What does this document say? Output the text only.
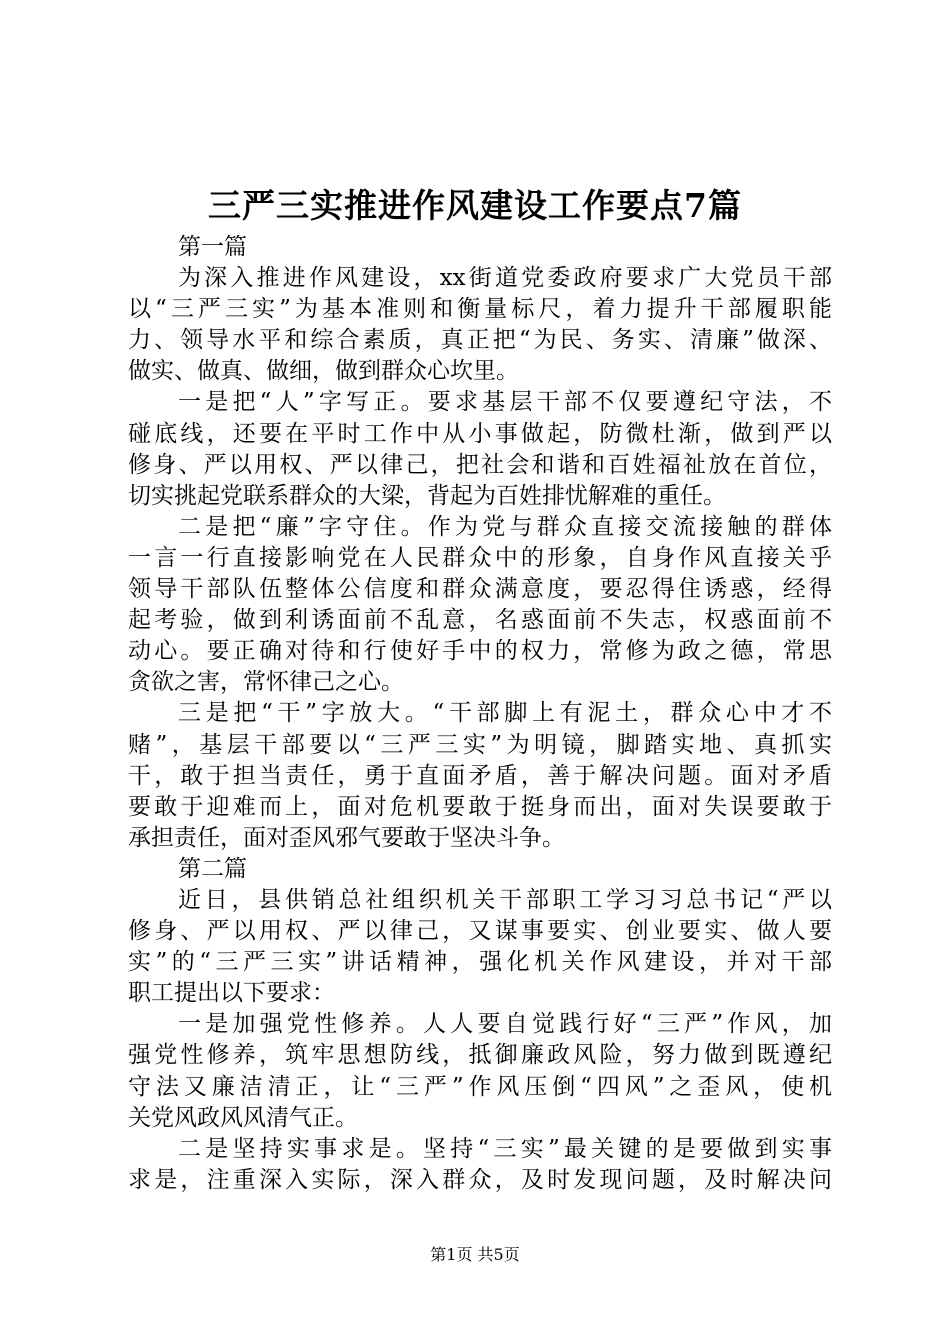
三严三实推进作风建设工作要点7篇
第一篇
为深入推进作风建设，xx街道党委政府要求广大党员干部
以“三严三实”为基本准则和衡量标尺，着力提升干部履职能
力、领导水平和综合素质，真正把“为民、务实、清廉”做深、
做实、做真、做细，做到群众心坎里。
一是把“人”字写正。要求基层干部不仅要遵纪守法，不
碰底线，还要在平时工作中从小事做起，防微杜渐，做到严以
修身、严以用权、严以律己，把社会和谐和百姓福祉放在首位，
切实挑起党联系群众的大梁，背起为百姓排忧解难的重任。
二是把“廉”字守住。作为党与群众直接交流接触的群体
一言一行直接影响党在人民群众中的形象，自身作风直接关乎
领导干部队伍整体公信度和群众满意度，要忍得住诱惑，经得
起考验，做到利诱面前不乱意，名惑面前不失志，权惑面前不
动心。要正确对待和行使好手中的权力，常修为政之德，常思
贪欲之害，常怀律己之心。
三是把“干”字放大。“干部脚上有泥土，群众心中才不
赌”，基层干部要以“三严三实”为明镜，脚踏实地、真抓实
干，敢于担当责任，勇于直面矛盾，善于解决问题。面对矛盾
要敢于迎难而上，面对危机要敢于挺身而出，面对失误要敢于
承担责任，面对歪风邪气要敢于坚决斗争。
第二篇
近日，县供销总社组织机关干部职工学习习总书记“严以
修身、严以用权、严以律己，又谋事要实、创业要实、做人要
实”的“三严三实”讲话精神，强化机关作风建设，并对干部
职工提出以下要求：
一是加强党性修养。人人要自觉践行好“三严”作风，加
强党性修养，筑牢思想防线，抵御廉政风险，努力做到既遵纪
守法又廉洁清正，让“三严”作风压倒“四风”之歪风，使机
关党风政风风清气正。
二是坚持实事求是。坚持“三实”最关键的是要做到实事
求是，注重深入实际，深入群众，及时发现问题，及时解决问
第1页 共5页
